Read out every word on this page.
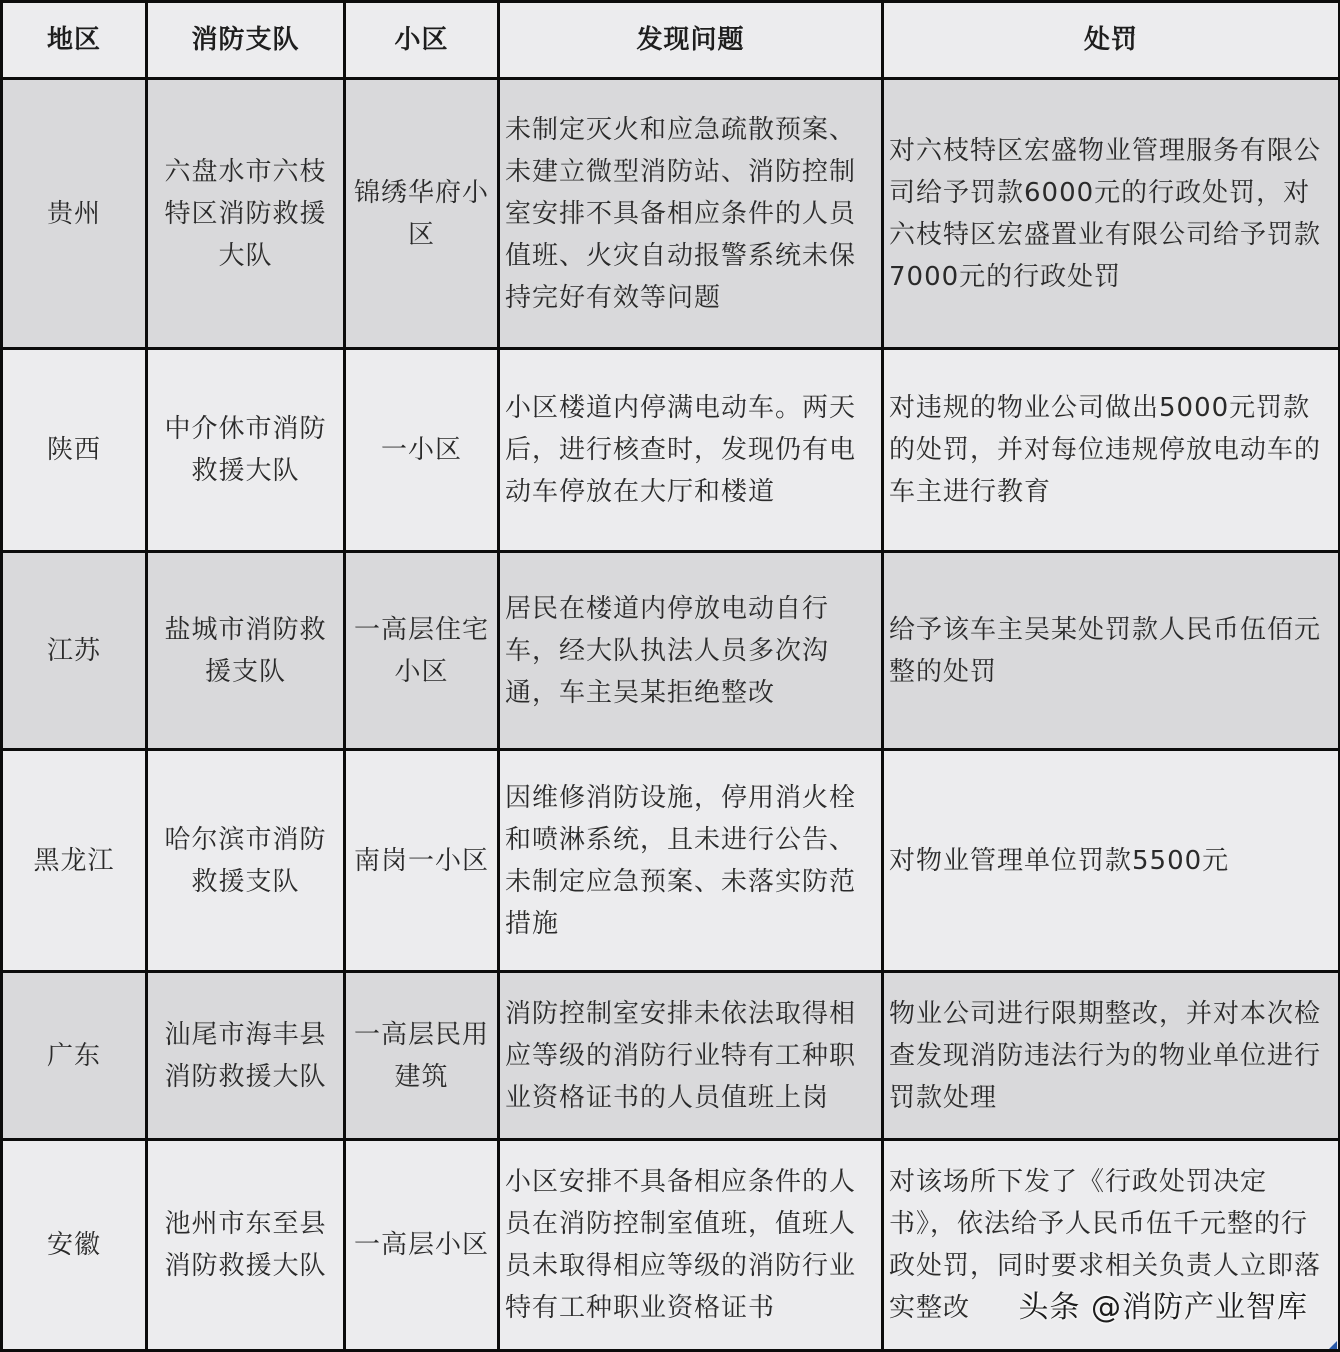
地区	消防支队	小区	发现问题	处罚
贵州	六盘水市六枝特区消防救援大队	锦绣华府小区	未制定灭火和应急疏散预案、未建立微型消防站、消防控制室安排不具备相应条件的人员值班、火灾自动报警系统未保持完好有效等问题	对六枝特区宏盛物业管理服务有限公司给予罚款6000元的行政处罚，对六枝特区宏盛置业有限公司给予罚款7000元的行政处罚
陕西	中介休市消防救援大队	一小区	小区楼道内停满电动车。两天后，进行核查时，发现仍有电动车停放在大厅和楼道	对违规的物业公司做出5000元罚款的处罚，并对每位违规停放电动车的车主进行教育
江苏	盐城市消防救援支队	一高层住宅小区	居民在楼道内停放电动自行车，经大队执法人员多次沟通，车主吴某拒绝整改	给予该车主吴某处罚款人民币伍佰元整的处罚
黑龙江	哈尔滨市消防救援支队	南岗一小区	因维修消防设施，停用消火栓和喷淋系统，且未进行公告、未制定应急预案、未落实防范措施	对物业管理单位罚款5500元
广东	汕尾市海丰县消防救援大队	一高层民用建筑	消防控制室安排未依法取得相应等级的消防行业特有工种职业资格证书的人员值班上岗	物业公司进行限期整改，并对本次检查发现消防违法行为的物业单位进行罚款处理
安徽	池州市东至县消防救援大队	一高层小区	小区安排不具备相应条件的人员在消防控制室值班，值班人员未取得相应等级的消防行业特有工种职业资格证书	对该场所下发了《行政处罚决定书》，依法给予人民币伍千元整的行政处罚，同时要求相关负责人立即落实整改 头条 @消防产业智库
